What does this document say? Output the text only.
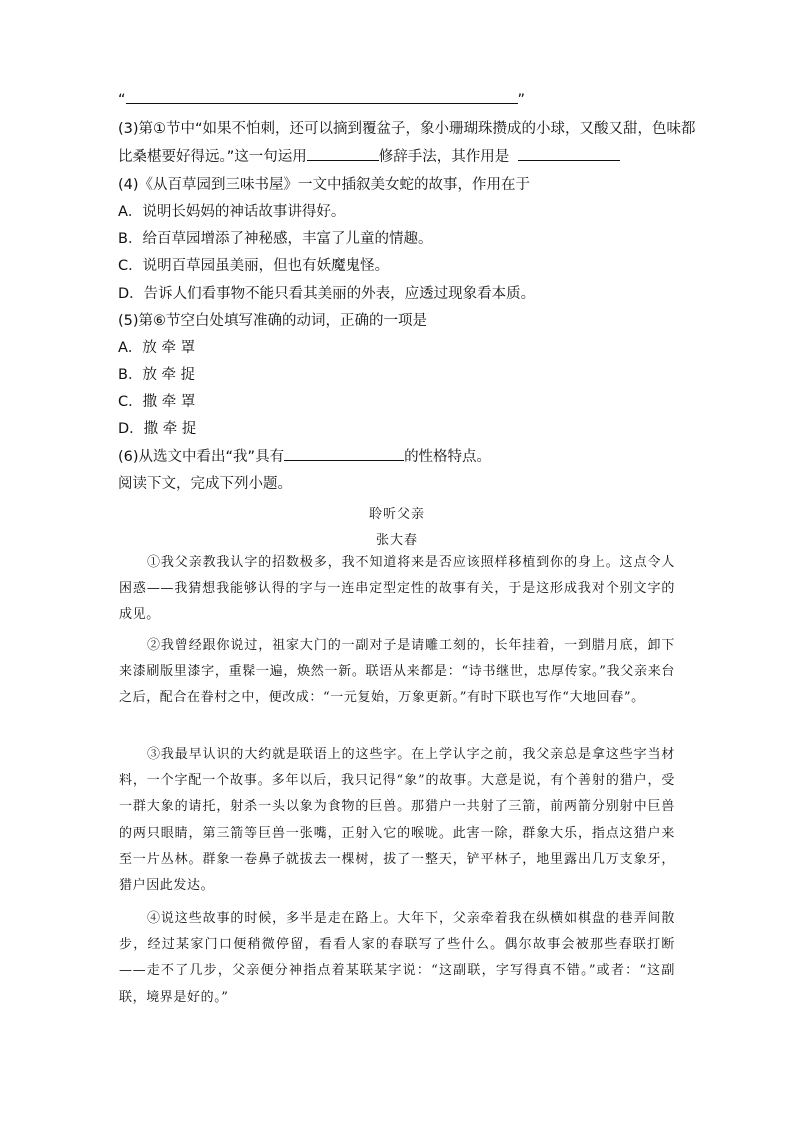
“	”
(3)第①节中“如果不怕刺，还可以摘到覆盆子，象小珊瑚珠攒成的小球，又酸又甜，色味都
比桑椹要好得远。”这一句运用	修辞手法，其作用是
(4)《从百草园到三味书屋》一文中插叙美女蛇的故事，作用在于
A．说明长妈妈的神话故事讲得好。
B．给百草园增添了神秘感，丰富了儿童的情趣。
C．说明百草园虽美丽，但也有妖魔鬼怪。
D．告诉人们看事物不能只看其美丽的外表，应透过现象看本质。
(5)第⑥节空白处填写准确的动词，正确的一项是
A．放 牵 罩
B．放 牵 捉
C．撒 牵 罩
D．撒 牵 捉
(6)从选文中看出“我”具有	的性格特点。
阅读下文，完成下列小题。
聆听父亲
张大春
①我父亲教我认字的招数极多，我不知道将来是否应该照样移植到你的身上。这点令人困惑——我猜想我能够认得的字与一连串定型定性的故事有关，于是这形成我对个别文字的成见。
②我曾经跟你说过，祖家大门的一副对子是请雕工刻的，长年挂着，一到腊月底，卸下来漆刷版里漆字，重髹一遍，焕然一新。联语从来都是：“诗书继世，忠厚传家。”我父亲来台之后，配合在眷村之中，便改成：“一元复始，万象更新。”有时下联也写作“大地回春”。
③我最早认识的大约就是联语上的这些字。在上学认字之前，我父亲总是拿这些字当材料，一个字配一个故事。多年以后，我只记得“象”的故事。大意是说，有个善射的猎户，受一群大象的请托，射杀一头以象为食物的巨兽。那猎户一共射了三箭，前两箭分别射中巨兽的两只眼睛，第三箭等巨兽一张嘴，正射入它的喉咙。此害一除，群象大乐，指点这猎户来至一片丛林。群象一卷鼻子就拔去一棵树，拔了一整天，铲平林子，地里露出几万支象牙，猎户因此发达。
④说这些故事的时候，多半是走在路上。大年下，父亲牵着我在纵横如棋盘的巷弄间散步，经过某家门口便稍微停留，看看人家的春联写了些什么。偶尔故事会被那些春联打断——走不了几步，父亲便分神指点着某联某字说：“这副联，字写得真不错。”或者：“这副联，境界是好的。”
